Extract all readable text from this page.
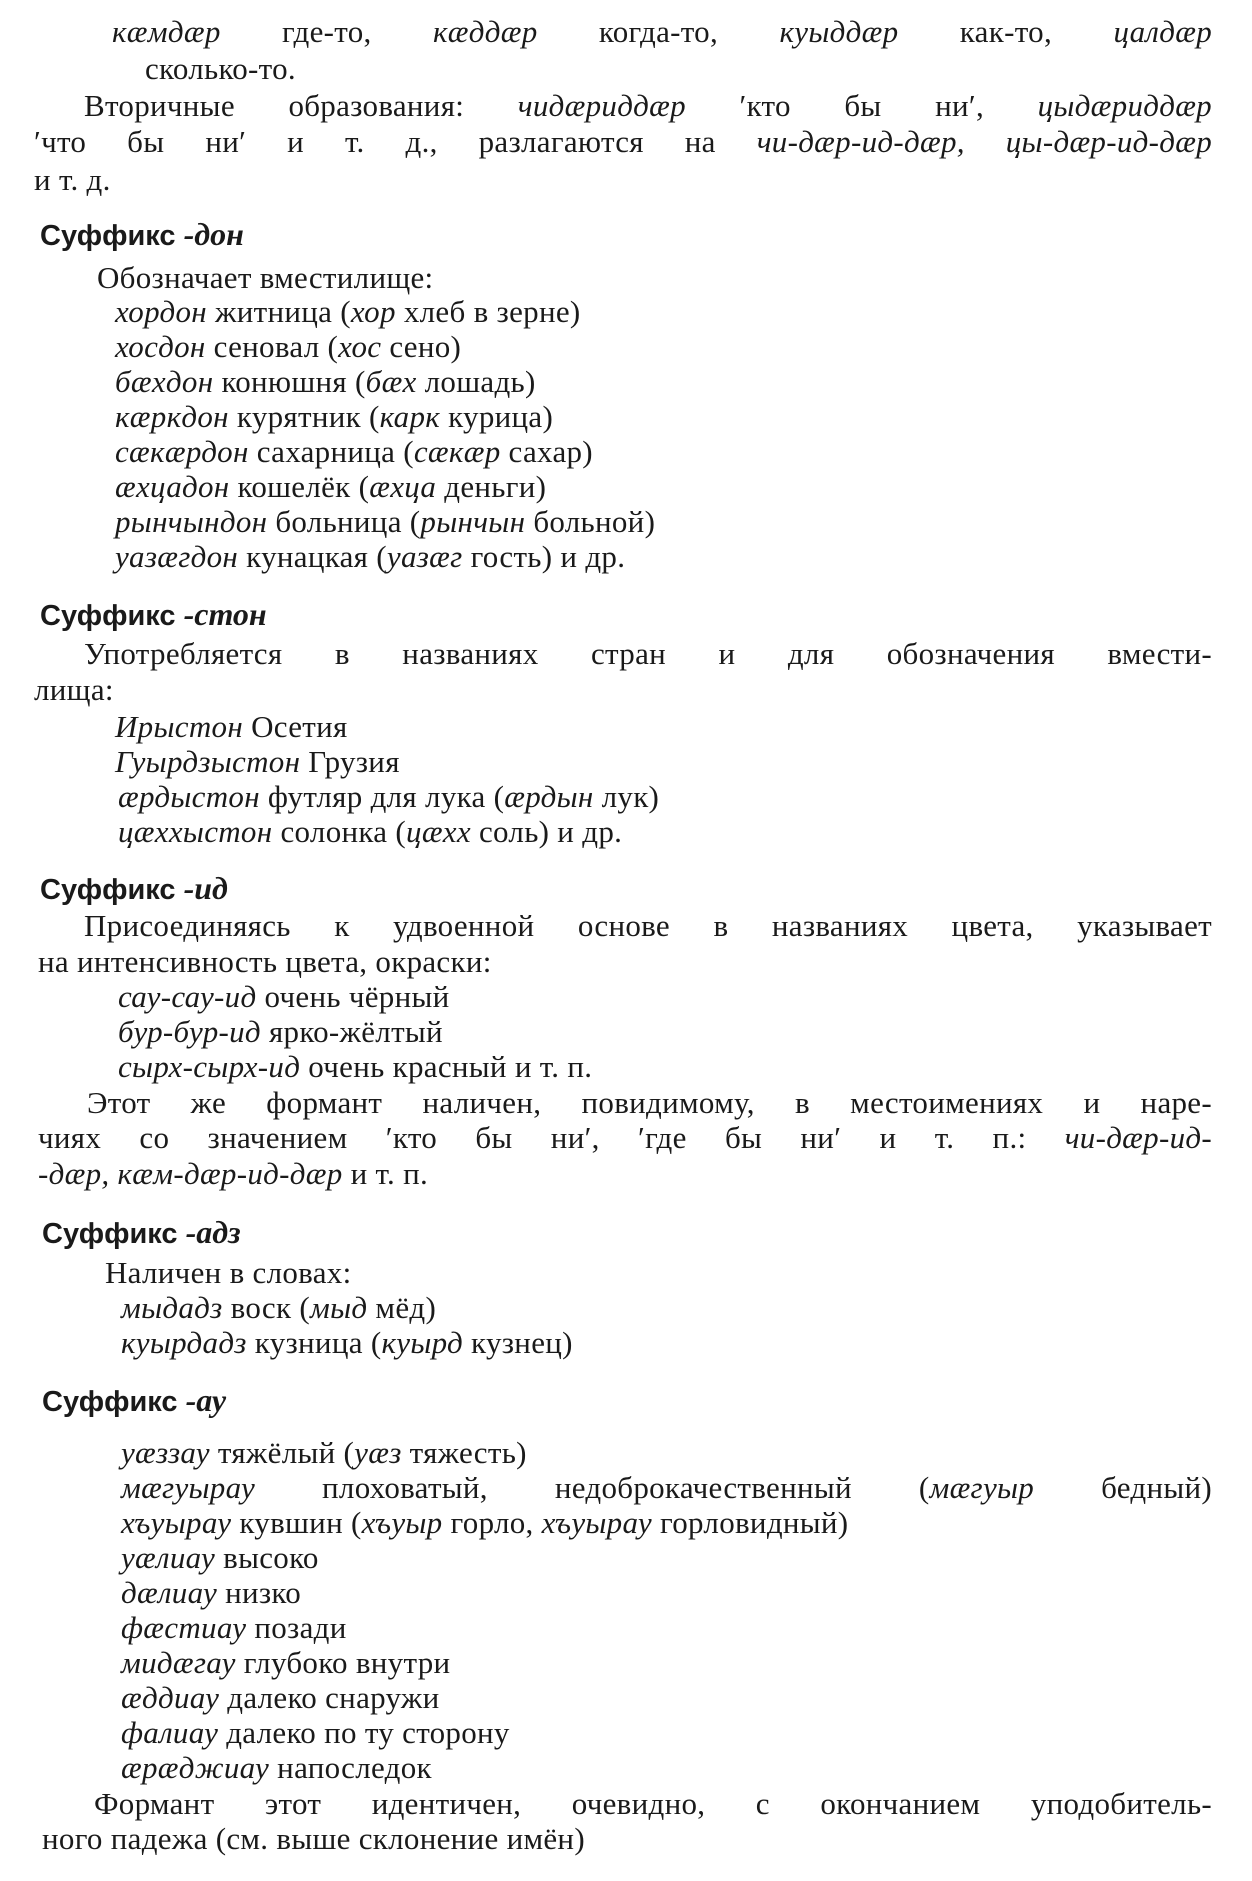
кæмдæр где-то, кæддæр когда-то, куыддæр как-то, цалдæр
сколько-то.
Вторичные образования: чидæриддæр ′кто бы ни′, цыдæриддæр
′что бы ни′ и т. д., разлагаются на чи-дæр-ид-дæр, цы-дæр-ид-дæр
и т. д.
Суффикс -дон
Обозначает вместилище:
хордон житница (хор хлеб в зерне)
хосдон сеновал (хос сено)
бæхдон конюшня (бæх лошадь)
кæркдон курятник (карк курица)
сæкæрдон сахарница (сæкæр сахар)
æхцадон кошелёк (æхца деньги)
рынчындон больница (рынчын больной)
уазæгдон кунацкая (уазæг гость) и др.
Суффикс -стон
Употребляется в названиях стран и для обозначения вмести-
лища:
Ирыстон Осетия
Гуырдзыстон Грузия
æрдыстон футляр для лука (æрдын лук)
цæххыстон солонка (цæхх соль) и др.
Суффикс -ид
Присоединяясь к удвоенной основе в названиях цвета, указывает
на интенсивность цвета, окраски:
сау-сау-ид очень чёрный
бур-бур-ид ярко-жёлтый
сырх-сырх-ид очень красный и т. п.
Этот же формант наличен, повидимому, в местоимениях и наре-
чиях со значением ′кто бы ни′, ′где бы ни′ и т. п.: чи-дæр-ид-
-дæр, кæм-дæр-ид-дæр и т. п.
Суффикс -адз
Наличен в словах:
мыдадз воск (мыд мёд)
куырдадз кузница (куырд кузнец)
Суффикс -ау
уæззау тяжёлый (уæз тяжесть)
мæгуырау плоховатый, недоброкачественный (мæгуыр бедный)
хъуырау кувшин (хъуыр горло, хъуырау горловидный)
уæлиау высоко
дæлиау низко
фæстиау позади
мидæгау глубоко внутри
æддиау далеко снаружи
фалиау далеко по ту сторону
æрæджиау напоследок
Формант этот идентичен, очевидно, с окончанием уподобитель-
ного падежа (см. выше склонение имён)
